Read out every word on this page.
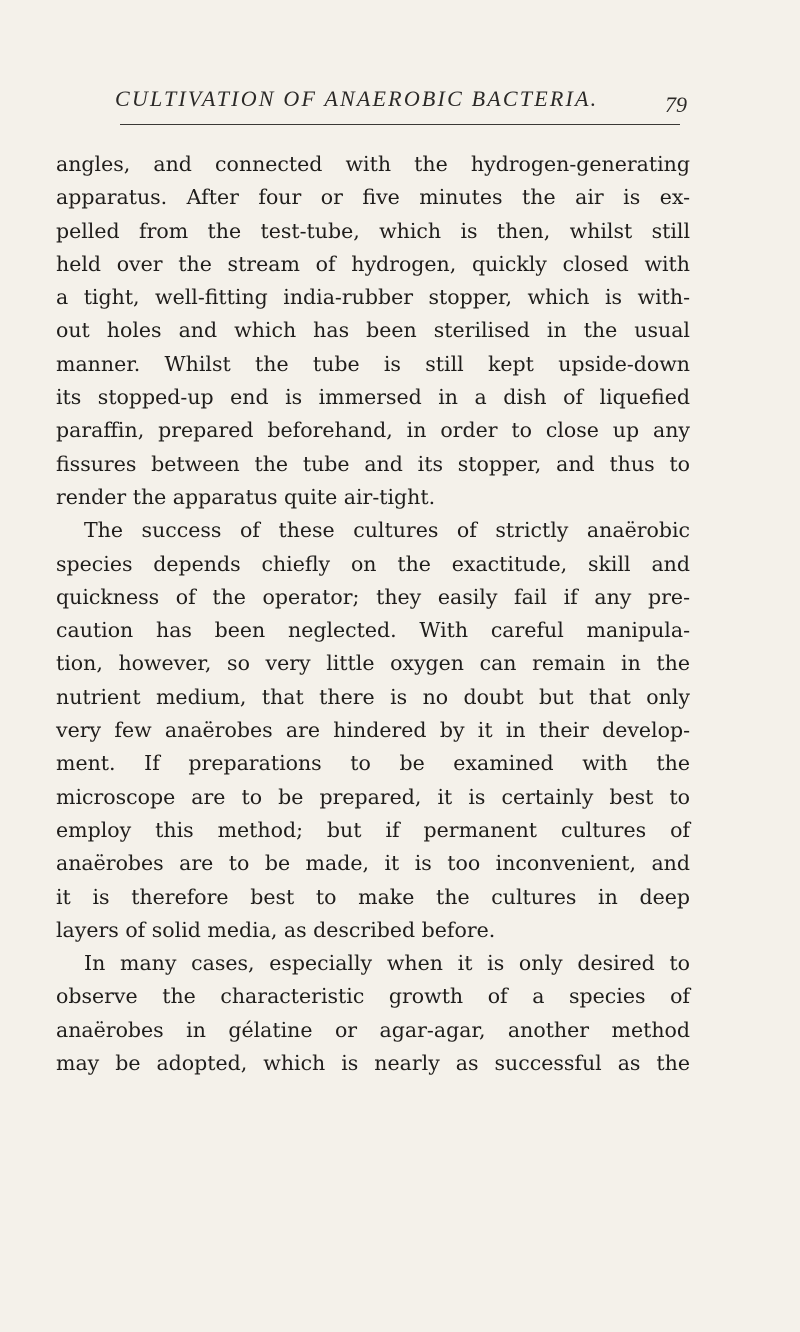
CULTIVATION OF ANAEROBIC BACTERIA.	79
angles, and connected with the hydrogen-generating
apparatus. After four or five minutes the air is ex-
pelled from the test-tube, which is then, whilst still
held over the stream of hydrogen, quickly closed with
a tight, well-fitting india-rubber stopper, which is with-
out holes and which has been sterilised in the usual
manner. Whilst the tube is still kept upside-down
its stopped-up end is immersed in a dish of liquefied
paraffin, prepared beforehand, in order to close up any
fissures between the tube and its stopper, and thus to
render the apparatus quite air-tight.
The success of these cultures of strictly anaërobic
species depends chiefly on the exactitude, skill and
quickness of the operator; they easily fail if any pre-
caution has been neglected. With careful manipula-
tion, however, so very little oxygen can remain in the
nutrient medium, that there is no doubt but that only
very few anaërobes are hindered by it in their develop-
ment. If preparations to be examined with the
microscope are to be prepared, it is certainly best to
employ this method; but if permanent cultures of
anaërobes are to be made, it is too inconvenient, and
it is therefore best to make the cultures in deep
layers of solid media, as described before.
In many cases, especially when it is only desired to
observe the characteristic growth of a species of
anaërobes in gélatine or agar-agar, another method
may be adopted, which is nearly as successful as the
